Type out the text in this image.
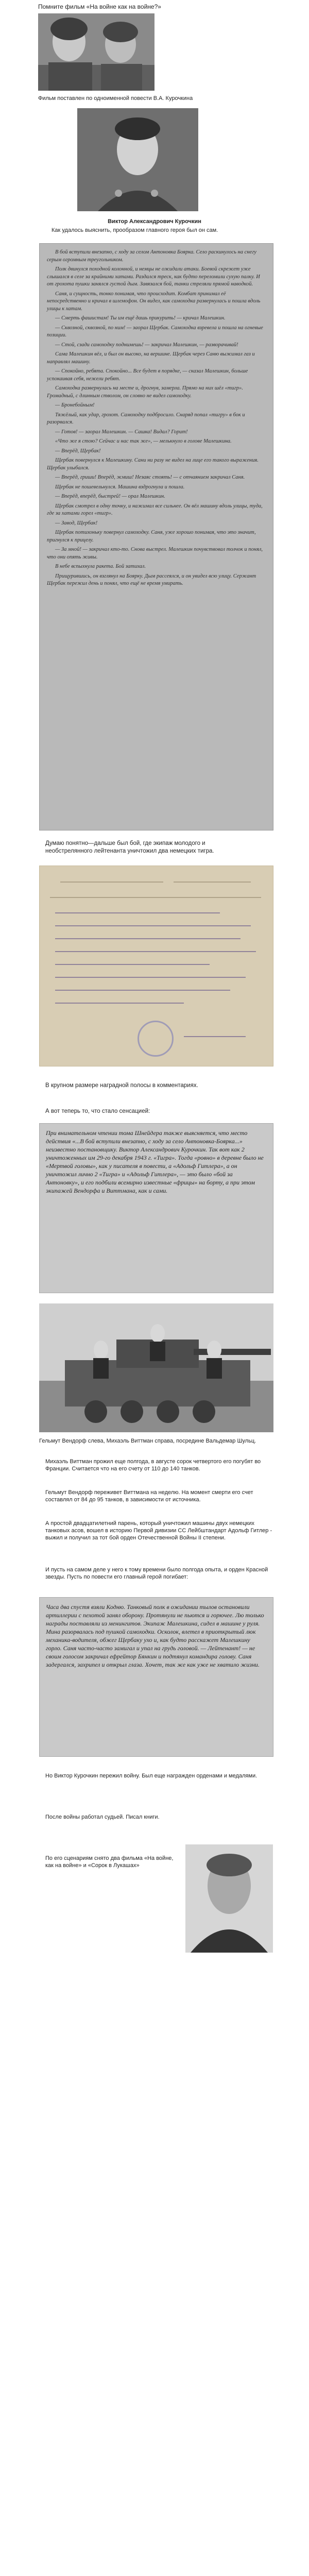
Помните фильм «На войне как на войне?»
Фильм поставлен по одноименной повести В.А. Курочкина
Виктор Александрович Курочкин
Как удалось выяснить, прообразом главного героя был он сам.

В бой вступили внезапно, с ходу за селом Антоновка Боярка. Село раскинулось на снегу серым огромным треугольником.

Полк двинулся походной колонной, и немцы не ожидали атаки. Боевой скрежет уже слышался в селе за крайними хатами. Раздался треск, как будто переломили сухую палку. И от грохота пушки занялся густой дым. Завязался бой, танки стреляли прямой наводкой.

Саня, и сущность, тонко понимая, что происходит. Комбат принимал её непосредственно и кричал в шлемофон. Он видел, как самоходка развернулась и пошла вдоль улицы к хатам.

— Смерть фашистам! Ты им ещё дашь прикурить! — кричал Малешкин.

— Сквозной, сквозной, по ним! — заорал Щербак. Самоходка взревела и пошла на огневые позиции.

— Стой, сзади самоходку поднимешь! — закричал Малешкин, — разворачивай!

Сама Малешкин вёл, и был он высоко, на вершине. Щербак через Саню выжимал газ и направлял машину.

— Спокойно, ребята. Спокойно... Все будет в порядке, — сказал Малешкин, больше успокаивая себя, нежели ребят.

Самоходка развернулась на месте и, дрогнув, замерла. Прямо на них шёл «тигр». Громадный, с длинным стволом, он словно не видел самоходку.

— Бронебойным!

Тяжёлый, как удар, грохот. Самоходку подбросило. Снаряд попал «тигру» в бок и разорвался.

— Готов! — заорал Малешкин. — Сашка! Видал? Горит!

«Что же я стою? Сейчас и нас так же», — мелькнуло в голове Малешкина.

— Вперёд, Щербак!

Щербак повернулся к Малешкину. Сани ни разу не видел на лице его такого выражения. Щербак улыбался.

— Вперёд, гриши! Вперёд, жмиш! Незаяс стоять! — с отчаянием закричал Саня.

Щербак не пошевельнулся. Машина вздрогнула и пошла.

— Вперёд, вперёд, быстрей! — орал Малешкин.

Щербак смотрел в одну точку, и нажимал все сильнее. Он вёл машину вдоль улицы, туда, где за хатами горел «тигр».

— Завод, Щербак!

Щербак потихоньку повернул самоходку. Саня, уже хорошо понимая, что это значит, пригнулся к прицелу.

— За мной! — закричал кто-то. Снова выстрел. Малешкин почувствовал толчок и понял, что они опять живы.

В небе вспыхнула ракета. Бой затихал.

Прищурившись, он взглянул на Боярку. Дым рассеялся, и он увидел всю улицу. Сержант Щербак пережил день и понял, что ещё не время умирать.

Думаю понятно—дальше был бой, где экипаж молодого и необстрелянного лейтенанта уничтожил два немецких тигра.
В крупном размере наградной полосы в комментариях.
А вот теперь то, что стало сенсацией:

При внимательном чтении тома Шнейдера также выясняется, что место действия «...В бой вступили внезапно, с ходу за село Антоновка-Боярка...» неизвестно постановщику. Виктор Александрович Курочкин. Так вот как 2 уничтоженных им 29-го декабря 1943 г. «Тигра». Тогда «ровно» в деревне было не «Мертвой головы», как у писателя в повести, а «Адольф Гитлера», а он уничтожил лично 2 «Тигра» и «Адольф Гитлера», — это было «бой за Антоновку», и его подбили всемирно известные «фрицы» на борту, а при этом экипажей Вендорфа и Виттмана, как и сами.

Гельмут Вендорф слева, Михаэль Виттман справа, посредине Вальдемар Шульц.
Михаэль Виттман прожил еще полгода, в августе сорок четвертого его погубят во Франции. Считается что на его счету от 110 до 140 танков.
Гельмут Вендорф переживет Виттмана на неделю. На момент смерти его счет составлял от 84 до 95 танков, в зависимости от источника.
А простой двадцатилетний парень, который уничтожил машины двух немецких танковых асов, вошел в историю Первой дивизии СС Лейбштандарт Адольф Гитлер - выжил и получил за тот бой орден Отечественной Войны II степени.
И пусть на самом деле у него к тому времени было полгода опыта, и орден Красной звезды. Пусть по повести его главный герой погибает:

Часа два спустя взяли Кодню. Танковый полк в ожидании тылов остановили артиллерии с пехотой занял оборону. Протянули не пьются и горючее. Лю только награды поставляли из менингитов. Экипаж Малешкина, сидел в машине у руля. Мина разорвалась под пушкой самоходки. Осколок, влетел в приоткрытый люк механика-водителя, обжег Щербаку ухо и, как будто расскажет Малешкину горло. Саня часто-часто замигал и упал на грудь головой. — Лейтенант! — не своим голосом закричал ефрейтор Бянкин и подтянул командира голову. Саня задергался, захрипел и открыл глаза. Хочет, так же как уже не хватило жизни.

Но Виктор Курочкин пережил войну. Был еще награжден орденами и медалями.
После войны работал судьей. Писал книги.
По его сценариям снято два фильма «На войне, как на войне» и «Сорок в Лукашах»
